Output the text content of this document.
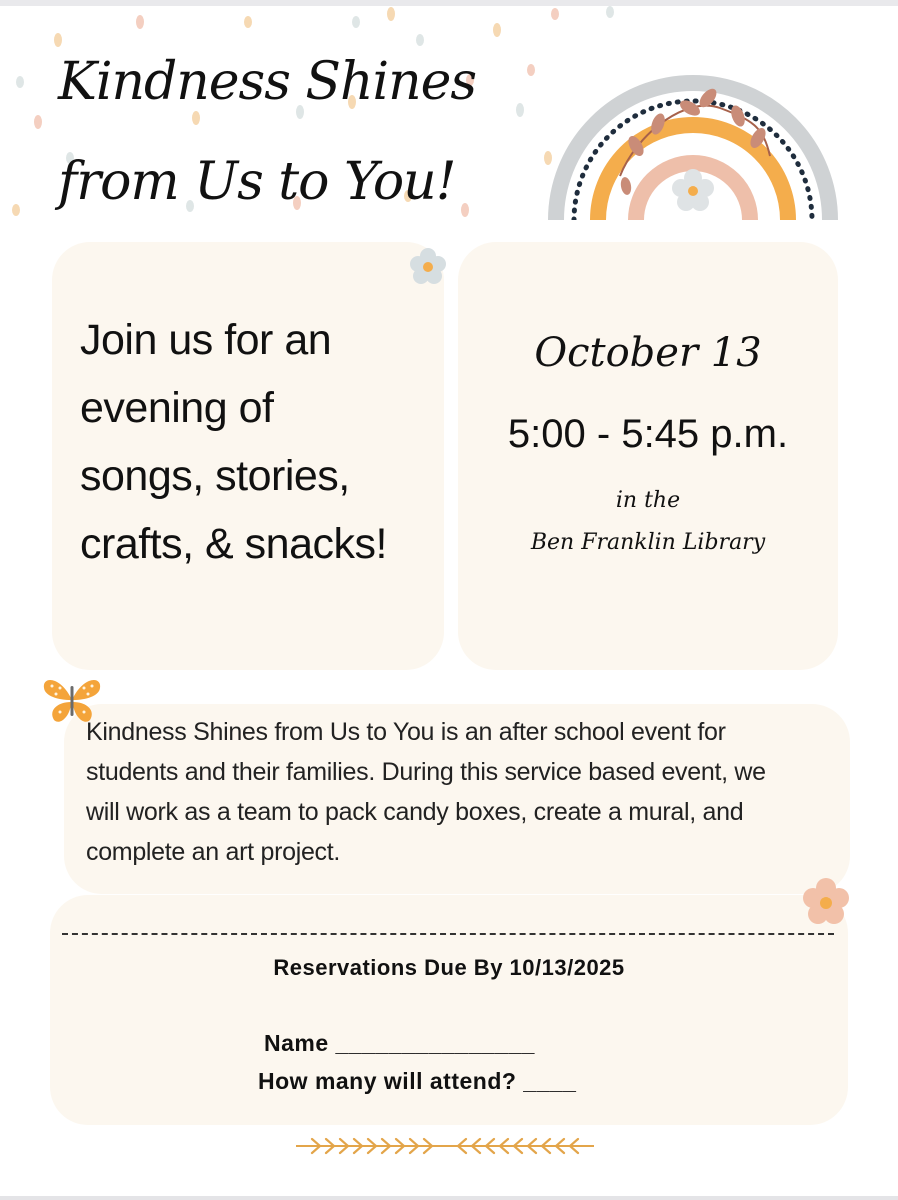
Kindness Shines
from Us to You!

Join us for an
evening of
songs, stories,
crafts, & snacks!

October 13

5:00 - 5:45 p.m.

in the

Ben Franklin Library

Kindness Shines from Us to You is an after school event for
students and their families. During this service based event, we
will work as a team to pack candy boxes, create a mural, and
complete an art project.

Reservations Due By 10/13/2025

Name _______________

How many will attend? ____
